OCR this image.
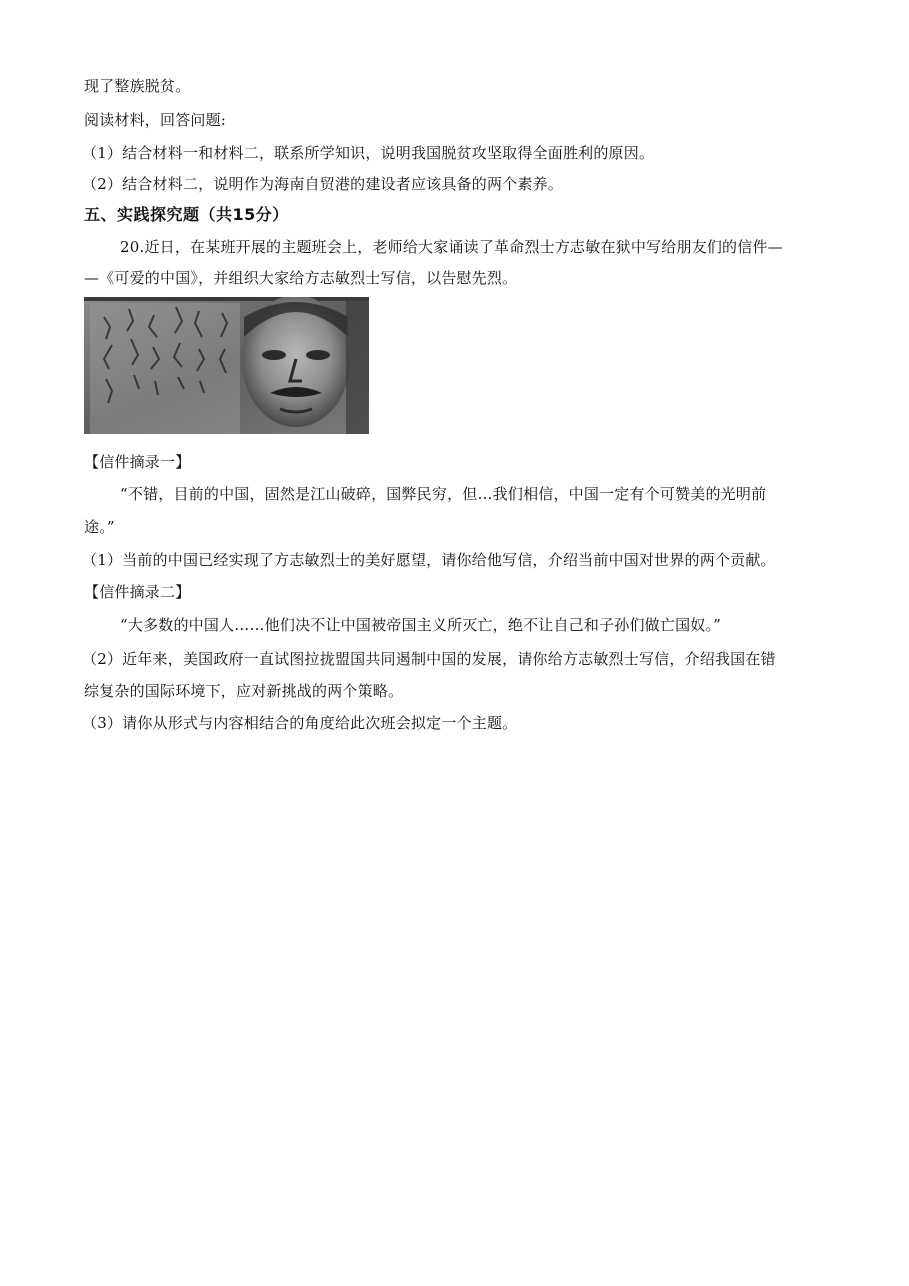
现了整族脱贫。
阅读材料，回答问题:
（1）结合材料一和材料二，联系所学知识，说明我国脱贫攻坚取得全面胜利的原因。
（2）结合材料二，说明作为海南自贸港的建设者应该具备的两个素养。
五、实践探究题（共15分）
20.近日，在某班开展的主题班会上，老师给大家诵读了革命烈士方志敏在狱中写给朋友们的信件—
—《可爱的中国》，并组织大家给方志敏烈士写信，以告慰先烈。
【信件摘录一】
“不错，目前的中国，固然是江山破碎，国弊民穷，但…我们相信，中国一定有个可赞美的光明前
途。”
（1）当前的中国已经实现了方志敏烈士的美好愿望，请你给他写信，介绍当前中国对世界的两个贡献。
【信件摘录二】
“大多数的中国人……他们决不让中国被帝国主义所灭亡，绝不让自己和子孙们做亡国奴。”
（2）近年来，美国政府一直试图拉拢盟国共同遏制中国的发展，请你给方志敏烈士写信，介绍我国在错
综复杂的国际环境下，应对新挑战的两个策略。
（3）请你从形式与内容相结合的角度给此次班会拟定一个主题。
